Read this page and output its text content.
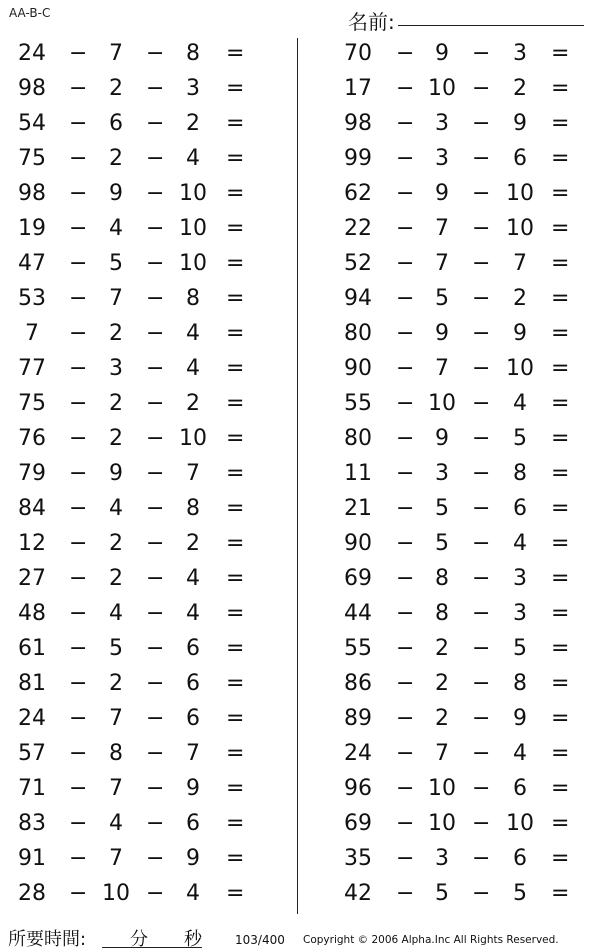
AA-B-C	名前:
24	− 7	− 8	=
98	− 2	− 3	=
54	− 6	− 2	=
75	− 2	− 4	=
98	− 9	− 10 =
19	− 4	− 10 =
47	− 5	− 10 =
53	− 7	− 8	=
7	− 2	− 4	=
77	− 3	− 4	=
75	− 2	− 2	=
76	− 2	− 10 =
79	− 9	− 7	=
84	− 4	− 8	=
12	− 2	− 2	=
27	− 2	− 4	=
48	− 4	− 4	=
61	− 5	− 6	=
81	− 2	− 6	=
24	− 7	− 6	=
57	− 8	− 7	=
71	− 7	− 9	=
83	− 4	− 6	=
91	− 7	− 9	=
28	− 10 − 4	=
70	− 9	−	3	=
17	− 10 −	2	=
98	− 3	−	9	=
99	− 3	−	6	=
62	− 9	− 10 =
22	− 7	− 10 =
52	− 7	−	7	=
94	− 5	−	2	=
80	− 9	−	9	=
90	− 7	− 10 =
55	− 10 −	4	=
80	− 9	−	5	=
11	− 3	−	8	=
21	− 5	−	6	=
90	− 5	−	4	=
69	− 8	−	3	=
44	− 8	−	3	=
55	− 2	−	5	=
86	− 2	−	8	=
89	− 2	−	9	=
24	− 7	−	4	=
96	− 10 −	6	=
69	− 10 − 10 =
35	− 3	−	6	=
42	− 5	−	5	=
所要時間: 分 秒	103/400 Copyright © 2006 Alpha.Inc All Rights Reserved.
